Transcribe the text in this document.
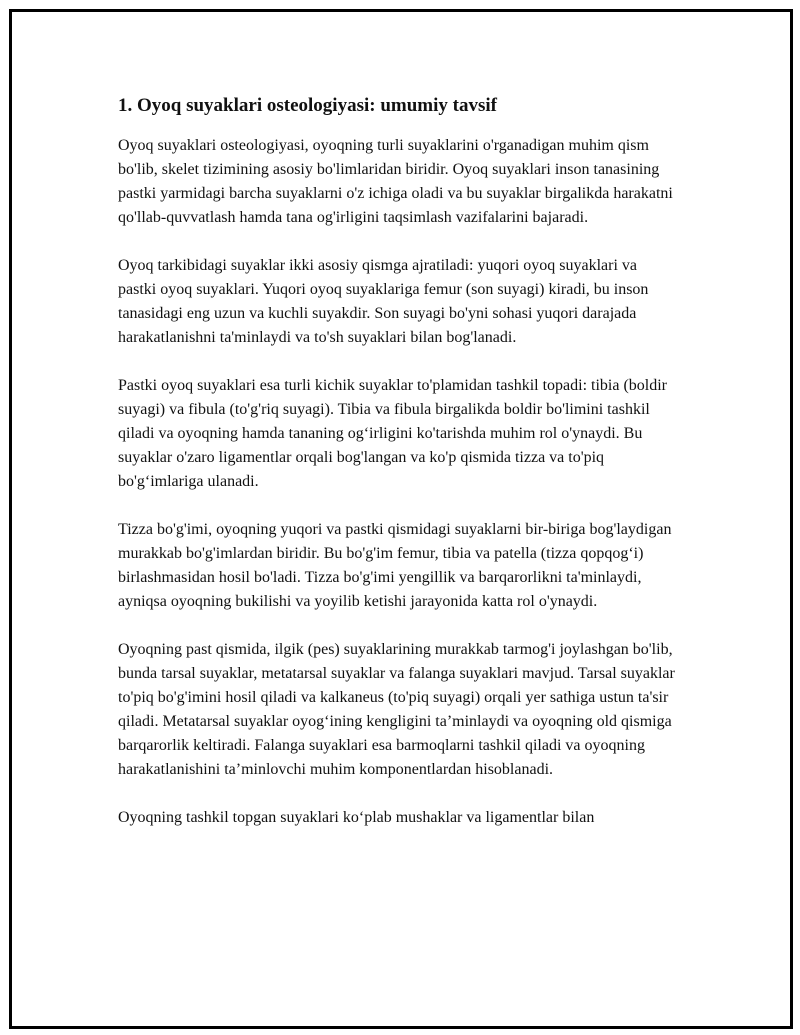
1. Oyoq suyaklari osteologiyasi: umumiy tavsif

Oyoq suyaklari osteologiyasi, oyoqning turli suyaklarini o'rganadigan muhim qism bo'lib, skelet tizimining asosiy bo'limlaridan biridir. Oyoq suyaklari inson tanasining pastki yarmidagi barcha suyaklarni o'z ichiga oladi va bu suyaklar birgalikda harakatni qo'llab-quvvatlash hamda tana og'irligini taqsimlash vazifalarini bajaradi.

Oyoq tarkibidagi suyaklar ikki asosiy qismga ajratiladi: yuqori oyoq suyaklari va pastki oyoq suyaklari. Yuqori oyoq suyaklariga femur (son suyagi) kiradi, bu inson tanasidagi eng uzun va kuchli suyakdir. Son suyagi bo'yni sohasi yuqori darajada harakatlanishni ta'minlaydi va to'sh suyaklari bilan bog'lanadi.

Pastki oyoq suyaklari esa turli kichik suyaklar to'plamidan tashkil topadi: tibia (boldir suyagi) va fibula (to'g'riq suyagi). Tibia va fibula birgalikda boldir bo'limini tashkil qiladi va oyoqning hamda tananing og‘irligini ko'tarishda muhim rol o'ynaydi. Bu suyaklar o'zaro ligamentlar orqali bog'langan va ko'p qismida tizza va to'piq bo'g‘imlariga ulanadi.

Tizza bo'g'imi, oyoqning yuqori va pastki qismidagi suyaklarni bir-biriga bog'laydigan murakkab bo'g'imlardan biridir. Bu bo'g'im femur, tibia va patella (tizza qopqog‘i) birlashmasidan hosil bo'ladi. Tizza bo'g'imi yengillik va barqarorlikni ta'minlaydi, ayniqsa oyoqning bukilishi va yoyilib ketishi jarayonida katta rol o'ynaydi.

Oyoqning past qismida, ilgik (pes) suyaklarining murakkab tarmog'i joylashgan bo'lib, bunda tarsal suyaklar, metatarsal suyaklar va falanga suyaklari mavjud. Tarsal suyaklar to'piq bo'g'imini hosil qiladi va kalkaneus (to'piq suyagi) orqali yer sathiga ustun ta'sir qiladi. Metatarsal suyaklar oyog‘ining kengligini ta’minlaydi va oyoqning old qismiga barqarorlik keltiradi. Falanga suyaklari esa barmoqlarni tashkil qiladi va oyoqning harakatlanishini ta’minlovchi muhim komponentlardan hisoblanadi.

Oyoqning tashkil topgan suyaklari ko‘plab mushaklar va ligamentlar bilan
